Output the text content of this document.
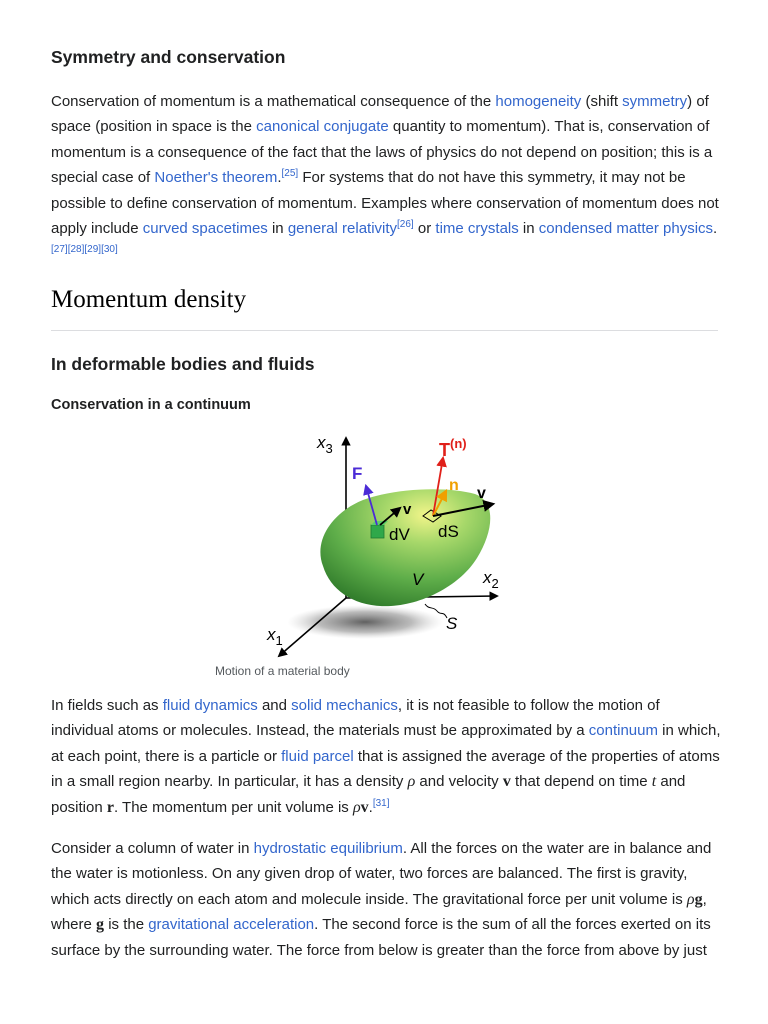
Symmetry and conservation

Conservation of momentum is a mathematical consequence of the homogeneity (shift symmetry) of space (position in space is the canonical conjugate quantity to momentum). That is, conservation of momentum is a consequence of the fact that the laws of physics do not depend on position; this is a special case of Noether's theorem.[25] For systems that do not have this symmetry, it may not be possible to define conservation of momentum. Examples where conservation of momentum does not apply include curved spacetimes in general relativity[26] or time crystals in condensed matter physics.[27][28][29][30]

Momentum density
In deformable bodies and fluids
Conservation in a continuum
$x_3$
$x_2$
$x_1$
F
$T^{(n)}$
n v
v
dV dS
V
S
Motion of a material body

In fields such as fluid dynamics and solid mechanics, it is not feasible to follow the motion of individual atoms or molecules. Instead, the materials must be approximated by a continuum in which, at each point, there is a particle or fluid parcel that is assigned the average of the properties of atoms in a small region nearby. In particular, it has a density ρ and velocity v that depend on time t and position r. The momentum per unit volume is ρv.[31]

Consider a column of water in hydrostatic equilibrium. All the forces on the water are in balance and the water is motionless. On any given drop of water, two forces are balanced. The first is gravity, which acts directly on each atom and molecule inside. The gravitational force per unit volume is ρg, where g is the gravitational acceleration. The second force is the sum of all the forces exerted on its surface by the surrounding water. The force from below is greater than the force from above by just
